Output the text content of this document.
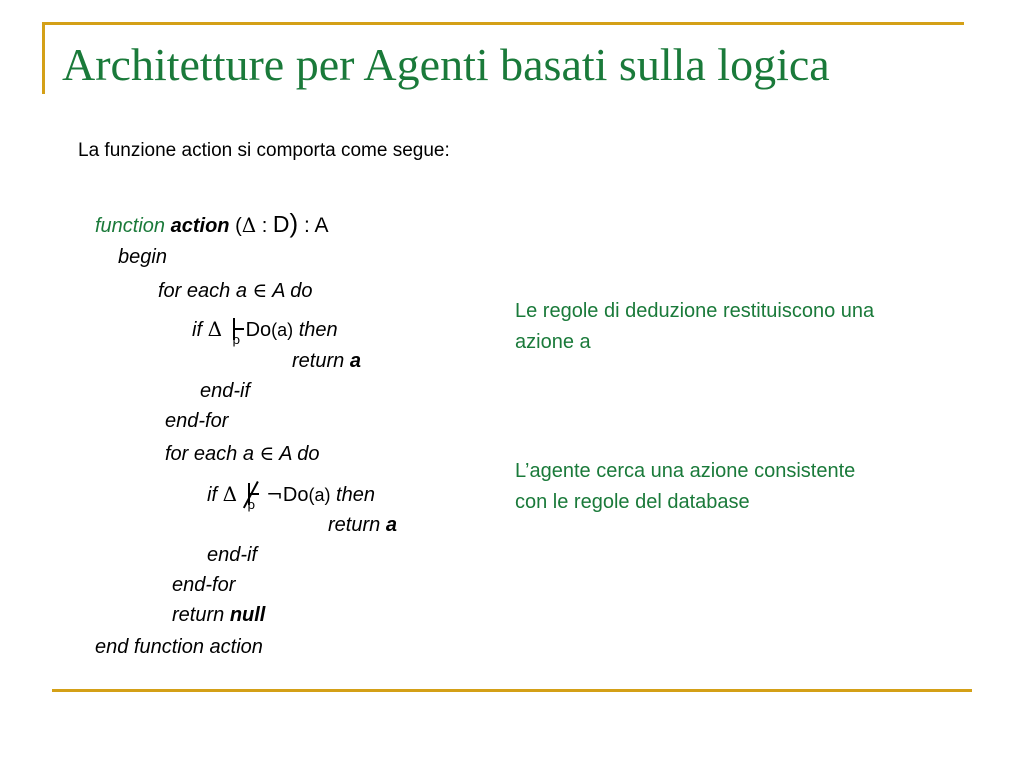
Architetture per Agenti basati sulla logica
La funzione action si comporta come segue:
function action (Δ : D) : A
begin
for each a ∈ A do
if Δ ρ Do(a) then
return a
end-if
end-for
for each a ∈ A do
if Δ ρ ¬Do(a) then
return a
end-if
end-for
return null
end function action
Le regole di deduzione restituiscono una
azione a
L’agente cerca una azione consistente
con le regole del database
